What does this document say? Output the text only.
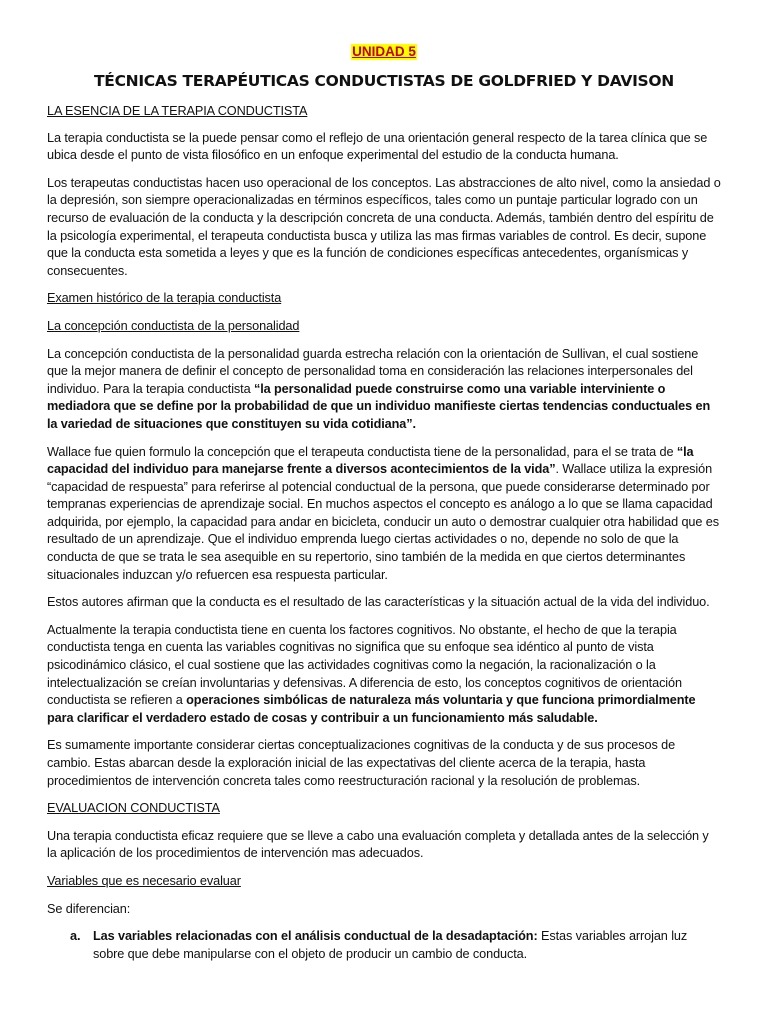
UNIDAD 5
TÉCNICAS TERAPÉUTICAS CONDUCTISTAS DE GOLDFRIED Y DAVISON

LA ESENCIA DE LA TERAPIA CONDUCTISTA

La terapia conductista se la puede pensar como el reflejo de una orientación general respecto de la tarea clínica que se ubica desde el punto de vista filosófico en un enfoque experimental del estudio de la conducta humana.

Los terapeutas conductistas hacen uso operacional de los conceptos. Las abstracciones de alto nivel, como la ansiedad o la depresión, son siempre operacionalizadas en términos específicos, tales como un puntaje particular logrado con un recurso de evaluación de la conducta y la descripción concreta de una conducta. Además, también dentro del espíritu de la psicología experimental, el terapeuta conductista busca y utiliza las mas firmas variables de control. Es decir, supone que la conducta esta sometida a leyes y que es la función de condiciones específicas antecedentes, organísmicas y consecuentes.

Examen histórico de la terapia conductista

La concepción conductista de la personalidad

La concepción conductista de la personalidad guarda estrecha relación con la orientación de Sullivan, el cual sostiene que la mejor manera de definir el concepto de personalidad toma en consideración las relaciones interpersonales del individuo. Para la terapia conductista “la personalidad puede construirse como una variable interviniente o mediadora que se define por la probabilidad de que un individuo manifieste ciertas tendencias conductuales en la variedad de situaciones que constituyen su vida cotidiana”.

Wallace fue quien formulo la concepción que el terapeuta conductista tiene de la personalidad, para el se trata de “la capacidad del individuo para manejarse frente a diversos acontecimientos de la vida”. Wallace utiliza la expresión “capacidad de respuesta” para referirse al potencial conductual de la persona, que puede considerarse determinado por tempranas experiencias de aprendizaje social. En muchos aspectos el concepto es análogo a lo que se llama capacidad adquirida, por ejemplo, la capacidad para andar en bicicleta, conducir un auto o demostrar cualquier otra habilidad que es resultado de un aprendizaje. Que el individuo emprenda luego ciertas actividades o no, depende no solo de que la conducta de que se trata le sea asequible en su repertorio, sino también de la medida en que ciertos determinantes situacionales induzcan y/o refuercen esa respuesta particular.

Estos autores afirman que la conducta es el resultado de las características y la situación actual de la vida del individuo.

Actualmente la terapia conductista tiene en cuenta los factores cognitivos. No obstante, el hecho de que la terapia conductista tenga en cuenta las variables cognitivas no significa que su enfoque sea idéntico al punto de vista psicodinámico clásico, el cual sostiene que las actividades cognitivas como la negación, la racionalización o la intelectualización se creían involuntarias y defensivas. A diferencia de esto, los conceptos cognitivos de orientación conductista se refieren a operaciones simbólicas de naturaleza más voluntaria y que funciona primordialmente para clarificar el verdadero estado de cosas y contribuir a un funcionamiento más saludable.

Es sumamente importante considerar ciertas conceptualizaciones cognitivas de la conducta y de sus procesos de cambio. Estas abarcan desde la exploración inicial de las expectativas del cliente acerca de la terapia, hasta procedimientos de intervención concreta tales como reestructuración racional y la resolución de problemas.

EVALUACION CONDUCTISTA

Una terapia conductista eficaz requiere que se lleve a cabo una evaluación completa y detallada antes de la selección y la aplicación de los procedimientos de intervención mas adecuados.

Variables que es necesario evaluar

Se diferencian:

a. Las variables relacionadas con el análisis conductual de la desadaptación: Estas variables arrojan luz sobre que debe manipularse con el objeto de producir un cambio de conducta.
